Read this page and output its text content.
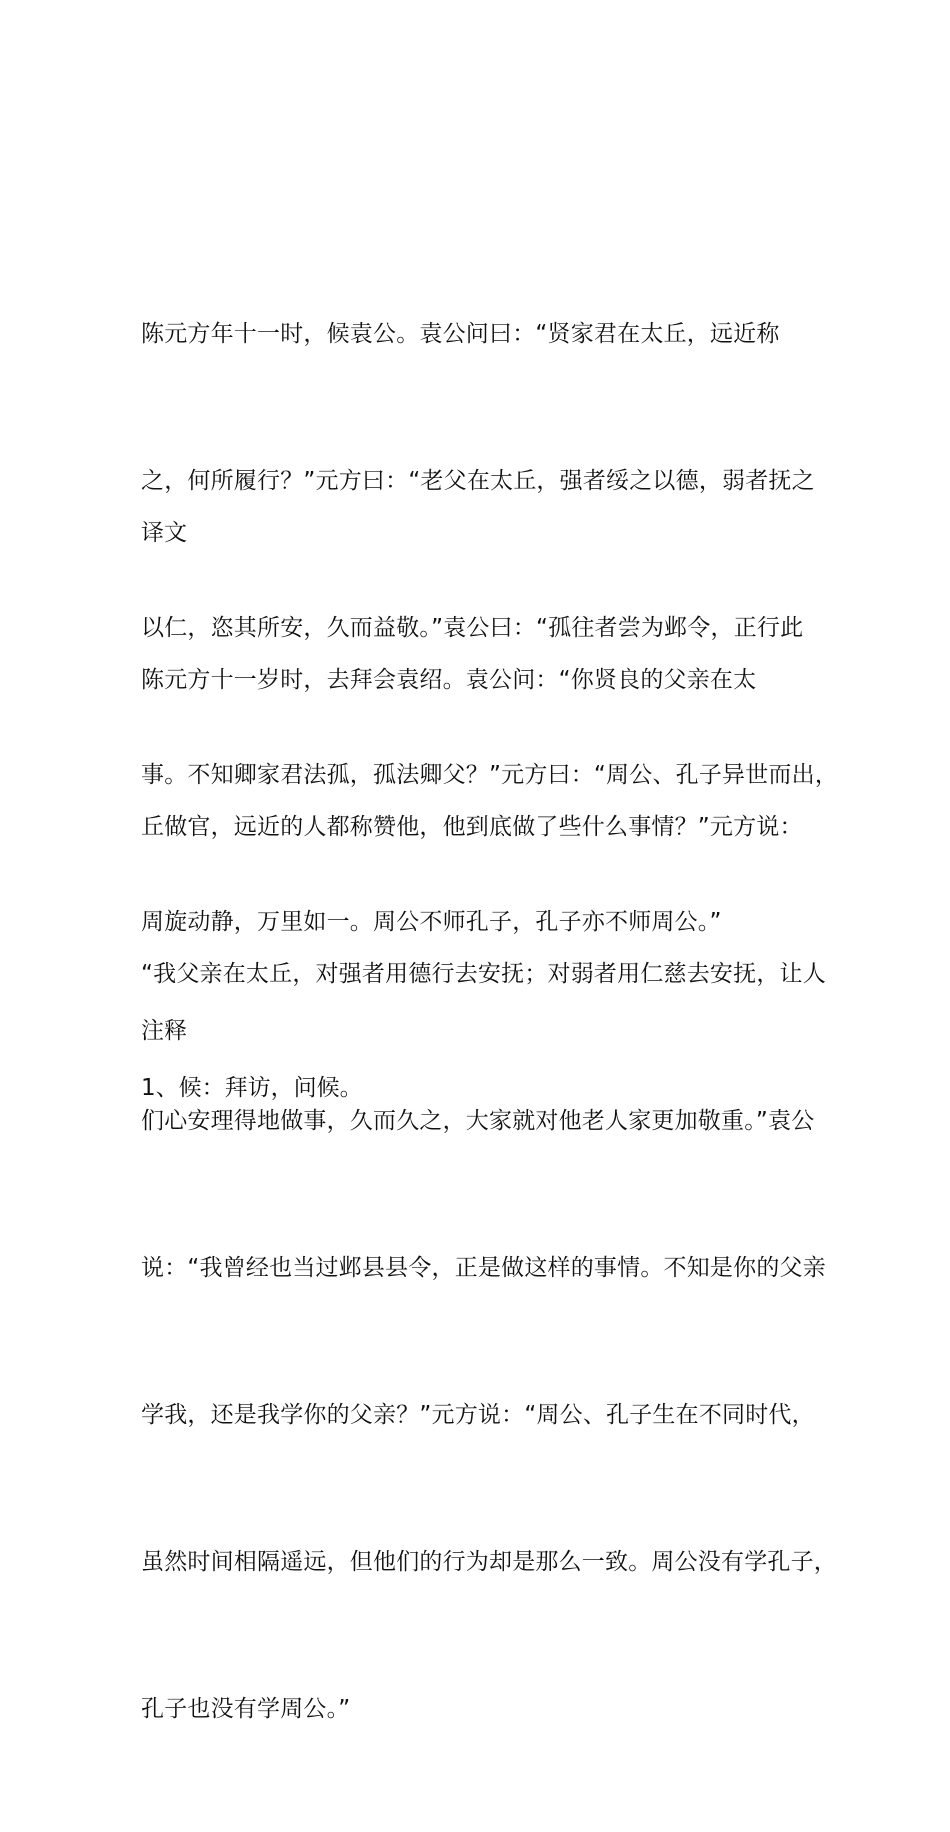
陈元方年十一时，候袁公。袁公问曰：“贤家君在太丘，远近称

之，何所履行？”元方曰：“老父在太丘，强者绥之以德，弱者抚之

以仁，恣其所安，久而益敬。”袁公曰：“孤往者尝为邺令，正行此

事。不知卿家君法孤，孤法卿父？”元方曰：“周公、孔子异世而出，

周旋动静，万里如一。周公不师孔子，孔子亦不师周公。”

译文

陈元方十一岁时，去拜会袁绍。袁公问：“你贤良的父亲在太

丘做官，远近的人都称赞他，他到底做了些什么事情？”元方说：

“我父亲在太丘，对强者用德行去安抚；对弱者用仁慈去安抚，让人

们心安理得地做事，久而久之，大家就对他老人家更加敬重。”袁公

说：“我曾经也当过邺县县令，正是做这样的事情。不知是你的父亲

学我，还是我学你的父亲？”元方说：“周公、孔子生在不同时代，

虽然时间相隔遥远，但他们的行为却是那么一致。周公没有学孔子，

孔子也没有学周公。”

注释
1、候：拜访，问候。
